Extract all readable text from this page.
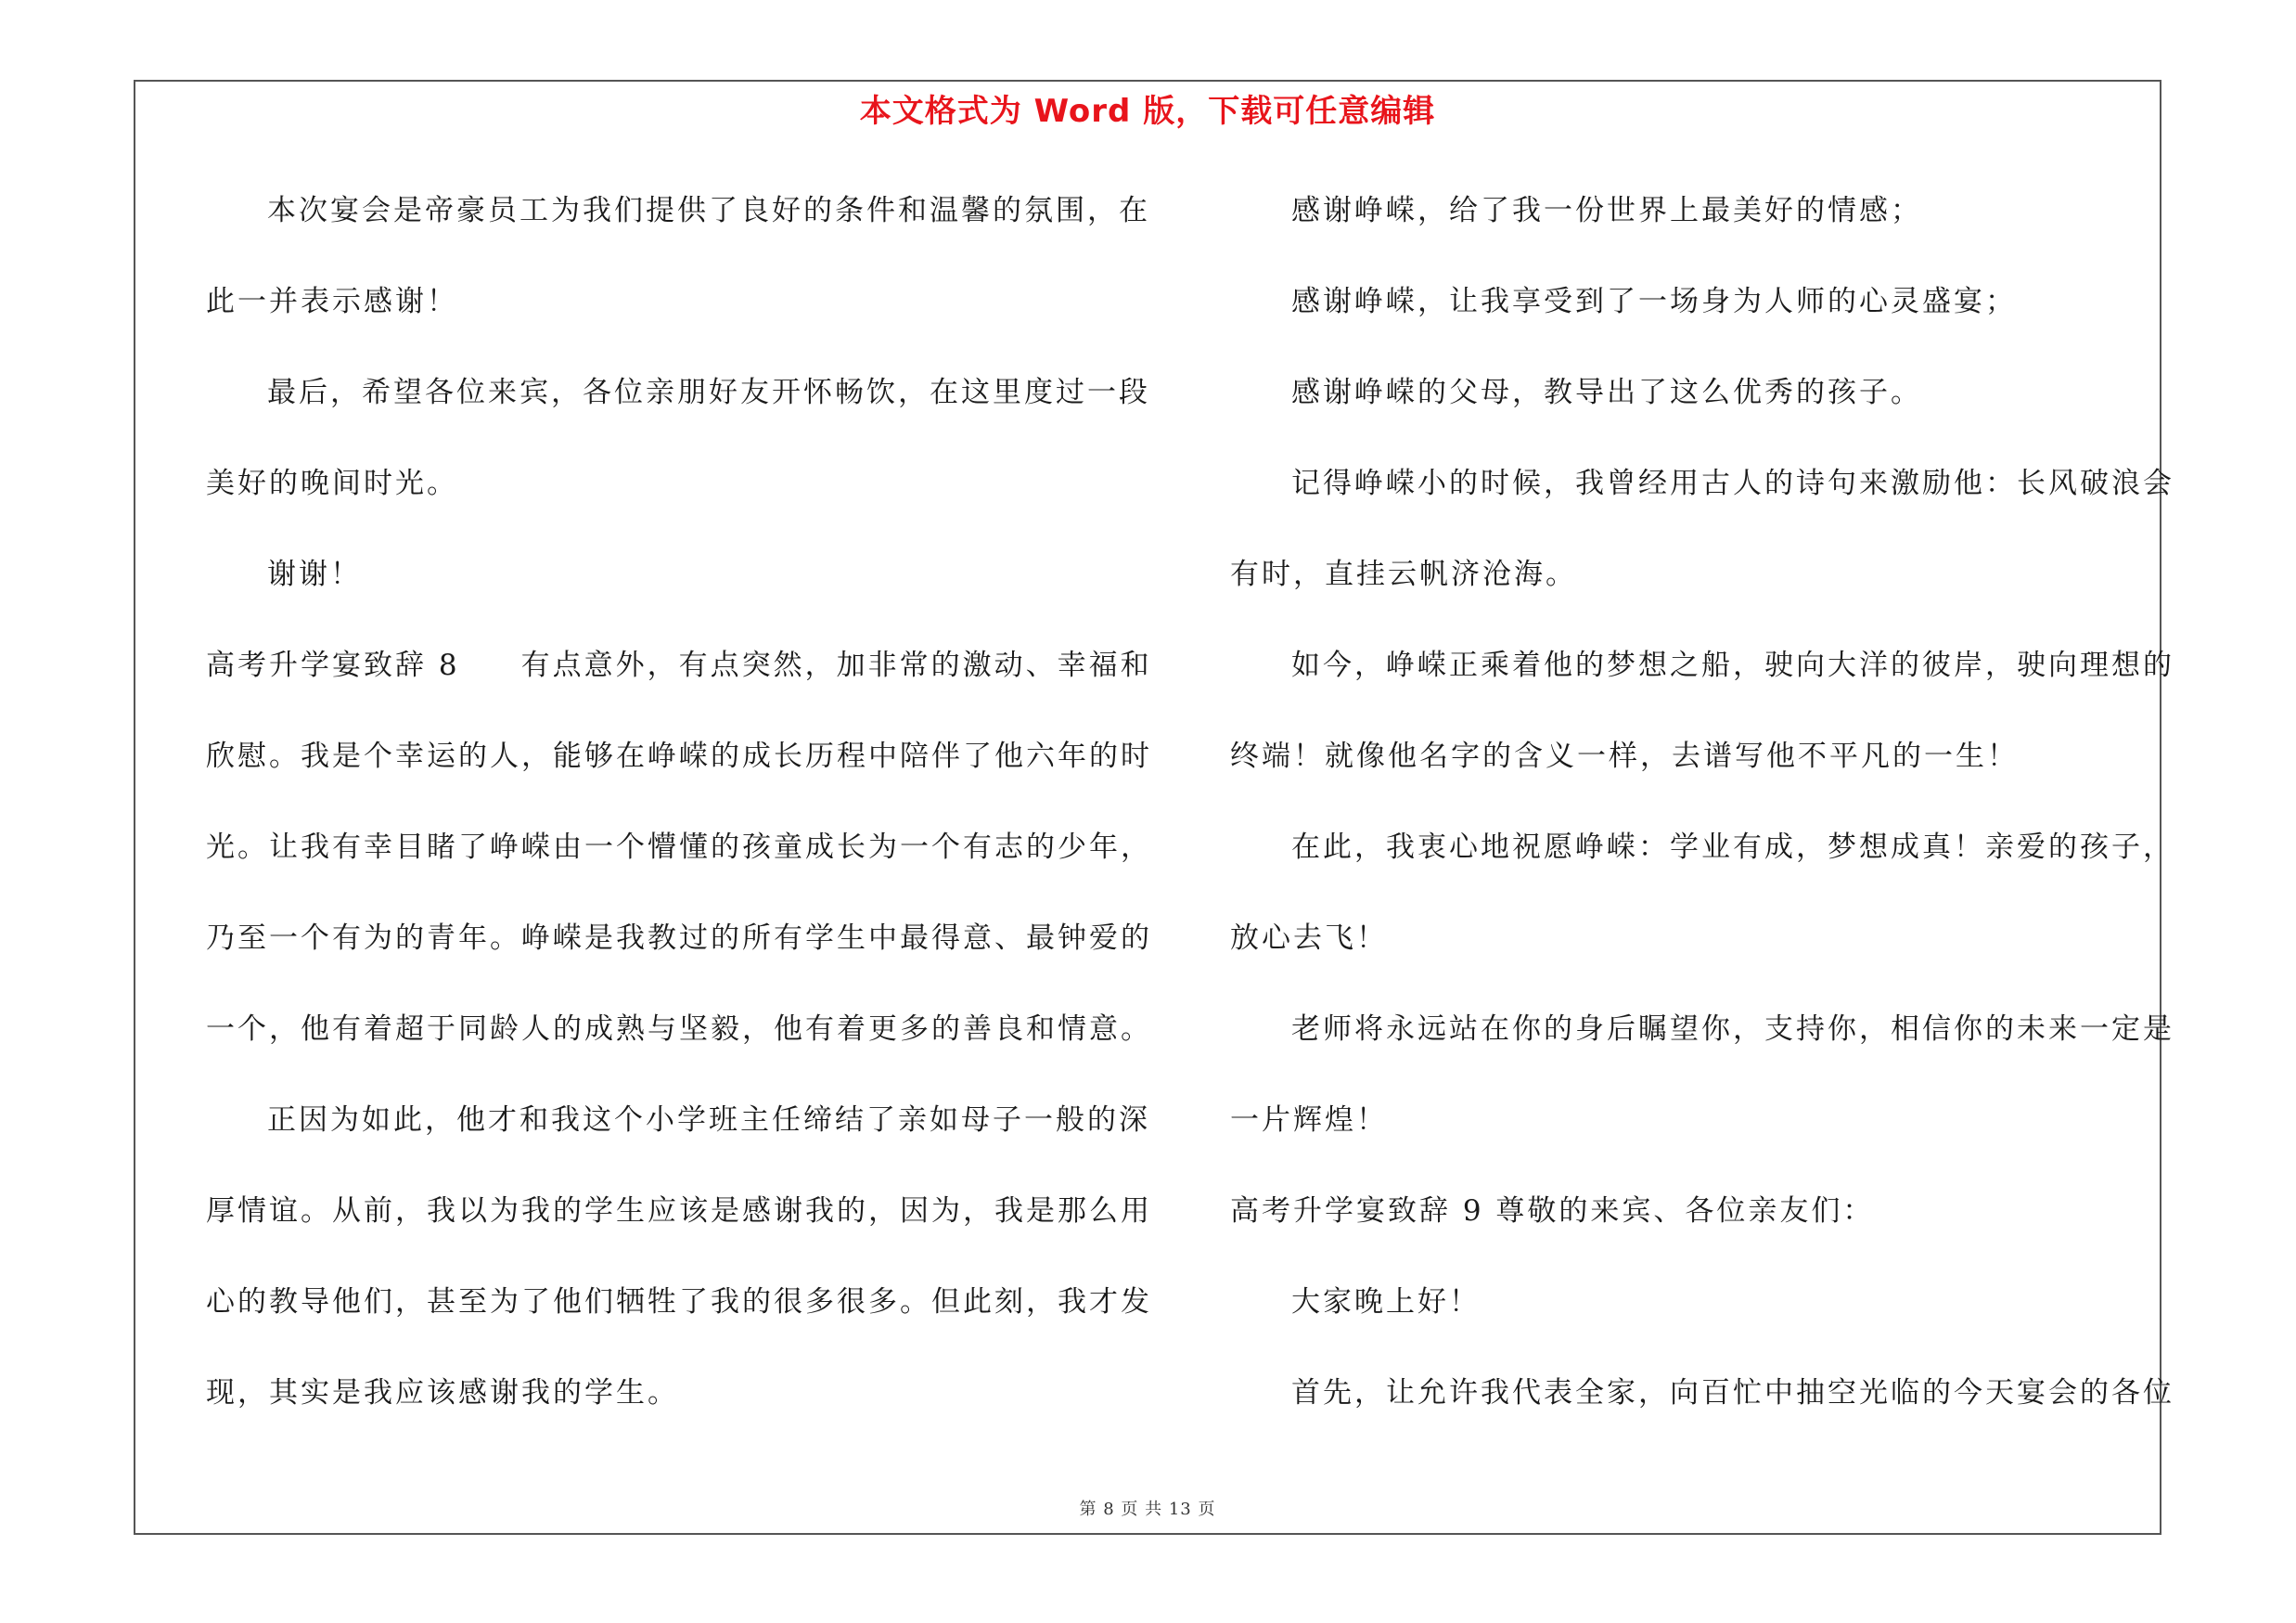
本文格式为 Word 版，下载可任意编辑
本次宴会是帝豪员工为我们提供了良好的条件和温馨的氛围，在
此一并表示感谢！
最后，希望各位来宾，各位亲朋好友开怀畅饮，在这里度过一段
美好的晚间时光。
谢谢！
高考升学宴致辞 8 有点意外，有点突然，加非常的激动、幸福和
欣慰。我是个幸运的人，能够在峥嵘的成长历程中陪伴了他六年的时
光。让我有幸目睹了峥嵘由一个懵懂的孩童成长为一个有志的少年，
乃至一个有为的青年。峥嵘是我教过的所有学生中最得意、最钟爱的
一个，他有着超于同龄人的成熟与坚毅，他有着更多的善良和情意。
正因为如此，他才和我这个小学班主任缔结了亲如母子一般的深
厚情谊。从前，我以为我的学生应该是感谢我的，因为，我是那么用
心的教导他们，甚至为了他们牺牲了我的很多很多。但此刻，我才发
现，其实是我应该感谢我的学生。
感谢峥嵘，给了我一份世界上最美好的情感；
感谢峥嵘，让我享受到了一场身为人师的心灵盛宴；
感谢峥嵘的父母，教导出了这么优秀的孩子。
记得峥嵘小的时候，我曾经用古人的诗句来激励他：长风破浪会
有时，直挂云帆济沧海。
如今，峥嵘正乘着他的梦想之船，驶向大洋的彼岸，驶向理想的
终端！就像他名字的含义一样，去谱写他不平凡的一生！
在此，我衷心地祝愿峥嵘：学业有成，梦想成真！亲爱的孩子，
放心去飞！
老师将永远站在你的身后瞩望你，支持你，相信你的未来一定是
一片辉煌！
高考升学宴致辞 9 尊敬的来宾、各位亲友们：
大家晚上好！
首先，让允许我代表全家，向百忙中抽空光临的今天宴会的各位
第 8 页 共 13 页
